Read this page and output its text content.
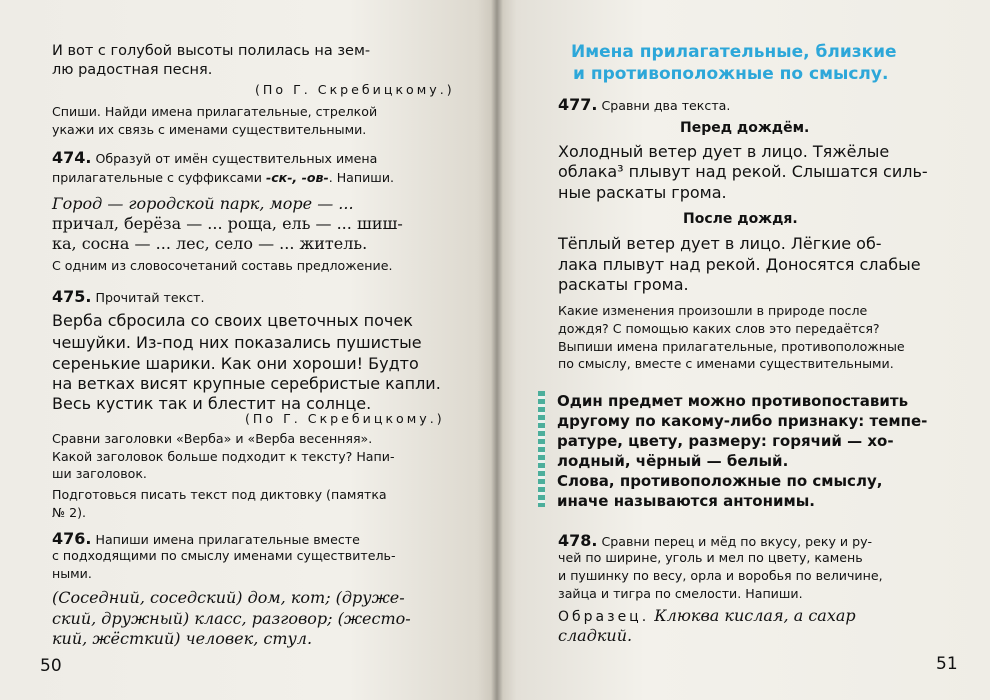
И вот с голубой высоты полилась на зем-
лю радостная песня.
(По Г. Скребицкому.)
Спиши. Найди имена прилагательные, стрелкой
укажи их связь с именами существительными.
474. Образуй от имён существительных имена
прилагательные с суффиксами -ск-, -ов-. Напиши.
Город — городской парк, море — ...
причал, берёза — ... роща, ель — ... шиш-
ка, сосна — ... лес, село — ... житель.
С одним из словосочетаний составь предложение.
475. Прочитай текст.
Верба сбросила со своих цветочных почек
чешуйки. Из-под них показались пушистые
серенькие шарики. Как они хороши! Будто
на ветках висят крупные серебристые капли.
Весь кустик так и блестит на солнце.
(По Г. Скребицкому.)
Сравни заголовки «Верба» и «Верба весенняя».
Какой заголовок больше подходит к тексту? Напи-
ши заголовок.
Подготовься писать текст под диктовку (памятка
№ 2).
476. Напиши имена прилагательные вместе
с подходящими по смыслу именами существитель-
ными.
(Соседний, соседский) дом, кот; (друже-
ский, дружный) класс, разговор; (жесто-
кий, жёсткий) человек, стул.
50
Имена прилагательные, близкие
и противоположные по смыслу.
477. Сравни два текста.
Перед дождём.
Холодный ветер дует в лицо. Тяжёлые
облака³ плывут над рекой. Слышатся силь-
ные раскаты грома.
После дождя.
Тёплый ветер дует в лицо. Лёгкие об-
лака плывут над рекой. Доносятся слабые
раскаты грома.
Какие изменения произошли в природе после
дождя? С помощью каких слов это передаётся?
Выпиши имена прилагательные, противоположные
по смыслу, вместе с именами существительными.
Один предмет можно противопоставить
другому по какому-либо признаку: темпе-
ратуре, цвету, размеру: горячий — хо-
лодный, чёрный — белый.
Слова, противоположные по смыслу,
иначе называются антонимы.
478. Сравни перец и мёд по вкусу, реку и ру-
чей по ширине, уголь и мел по цвету, камень
и пушинку по весу, орла и воробья по величине,
зайца и тигра по смелости. Напиши.
Образец. Клюква кислая, а сахар
сладкий.
51
